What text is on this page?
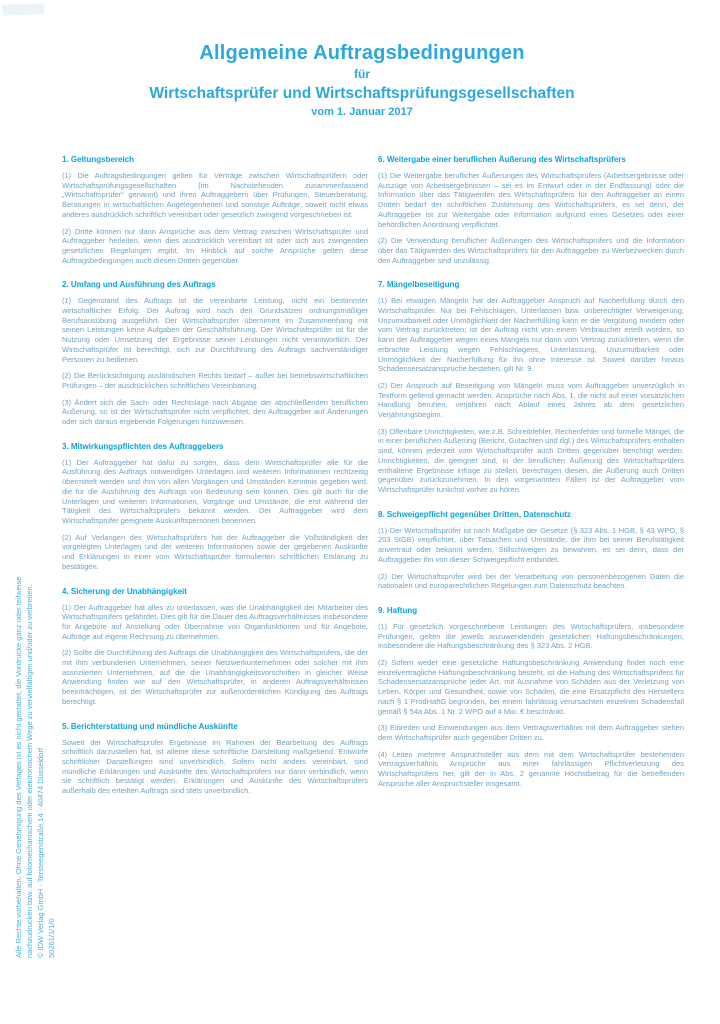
Allgemeine Auftragsbedingungen
für
Wirtschaftsprüfer und Wirtschaftsprüfungsgesellschaften
vom 1. Januar 2017
1. Geltungsbereich

(1) Die Auftragsbedingungen gelten für Verträge zwischen Wirtschaftsprüfern oder Wirtschaftsprüfungsgesellschaften (im Nachstehenden zusammenfassend „Wirtschaftsprüfer“ genannt) und ihren Auftraggebern über Prüfungen, Steuerberatung, Beratungen in wirtschaftlichen Angelegenheiten und sonstige Aufträge, soweit nicht etwas anderes ausdrücklich schriftlich vereinbart oder gesetzlich zwingend vorgeschrieben ist.

(2) Dritte können nur dann Ansprüche aus dem Vertrag zwischen Wirtschaftsprüfer und Auftraggeber herleiten, wenn dies ausdrücklich vereinbart ist oder sich aus zwingenden gesetzlichen Regelungen ergibt. Im Hinblick auf solche Ansprüche gelten diese Auftragsbedingungen auch diesen Dritten gegenüber.

2. Umfang und Ausführung des Auftrags

(1) Gegenstand des Auftrags ist die vereinbarte Leistung, nicht ein bestimmter wirtschaftlicher Erfolg. Der Auftrag wird nach den Grundsätzen ordnungsmäßiger Berufsausübung ausgeführt. Der Wirtschaftsprüfer übernimmt im Zusammenhang mit seinen Leistungen keine Aufgaben der Geschäftsführung. Der Wirtschaftsprüfer ist für die Nutzung oder Umsetzung der Ergebnisse seiner Leistungen nicht verantwortlich. Der Wirtschaftsprüfer ist berechtigt, sich zur Durchführung des Auftrags sachverständiger Personen zu bedienen.

(2) Die Berücksichtigung ausländischen Rechts bedarf – außer bei betriebswirtschaftlichen Prüfungen – der ausdrücklichen schriftlichen Vereinbarung.

(3) Ändert sich die Sach- oder Rechtslage nach Abgabe der abschließenden beruflichen Äußerung, so ist der Wirtschaftsprüfer nicht verpflichtet, den Auftraggeber auf Änderungen oder sich daraus ergebende Folgerungen hinzuweisen.

3. Mitwirkungspflichten des Auftraggebers

(1) Der Auftraggeber hat dafür zu sorgen, dass dem Wirtschaftsprüfer alle für die Ausführung des Auftrags notwendigen Unterlagen und weiteren Informationen rechtzeitig übermittelt werden und ihm von allen Vorgängen und Umständen Kenntnis gegeben wird, die für die Ausführung des Auftrags von Bedeutung sein können. Dies gilt auch für die Unterlagen und weiteren Informationen, Vorgänge und Umstände, die erst während der Tätigkeit des Wirtschaftsprüfers bekannt werden. Der Auftraggeber wird dem Wirtschaftsprüfer geeignete Auskunftspersonen benennen.

(2) Auf Verlangen des Wirtschaftsprüfers hat der Auftraggeber die Vollständigkeit der vorgelegten Unterlagen und der weiteren Informationen sowie der gegebenen Auskünfte und Erklärungen in einer vom Wirtschaftsprüfer formulierten schriftlichen Erklärung zu bestätigen.

4. Sicherung der Unabhängigkeit

(1) Der Auftraggeber hat alles zu unterlassen, was die Unabhängigkeit der Mitarbeiter des Wirtschaftsprüfers gefährdet. Dies gilt für die Dauer des Auftragsverhältnisses insbesondere für Angebote auf Anstellung oder Übernahme von Organfunktionen und für Angebote, Aufträge auf eigene Rechnung zu übernehmen.

(2) Sollte die Durchführung des Auftrags die Unabhängigkeit des Wirtschaftsprüfers, die der mit ihm verbundenen Unternehmen, seiner Netzwerkunternehmen oder solcher mit ihm assoziierten Unternehmen, auf die die Unabhängigkeitsvorschriften in gleicher Weise Anwendung finden wie auf den Wirtschaftsprüfer, in anderen Auftragsverhältnissen beeinträchtigen, ist der Wirtschaftsprüfer zur außerordentlichen Kündigung des Auftrags berechtigt.

5. Berichterstattung und mündliche Auskünfte

Soweit der Wirtschaftsprüfer Ergebnisse im Rahmen der Bearbeitung des Auftrags schriftlich darzustellen hat, ist alleine diese schriftliche Darstellung maßgebend. Entwürfe schriftlicher Darstellungen sind unverbindlich. Sofern nicht anders vereinbart, sind mündliche Erklärungen und Auskünfte des Wirtschaftsprüfers nur dann verbindlich, wenn sie schriftlich bestätigt werden. Erklärungen und Auskünfte des Wirtschaftsprüfers außerhalb des erteilten Auftrags sind stets unverbindlich.

6. Weitergabe einer beruflichen Äußerung des Wirtschaftsprüfers

(1) Die Weitergabe beruflicher Äußerungen des Wirtschaftsprüfers (Arbeitsergebnisse oder Auszüge von Arbeitsergebnissen – sei es im Entwurf oder in der Endfassung) oder die Information über das Tätigwerden des Wirtschaftsprüfers für den Auftraggeber an einen Dritten bedarf der schriftlichen Zustimmung des Wirtschaftsprüfers, es sei denn, der Auftraggeber ist zur Weitergabe oder Information aufgrund eines Gesetzes oder einer behördlichen Anordnung verpflichtet.

(2) Die Verwendung beruflicher Äußerungen des Wirtschaftsprüfers und die Information über das Tätigwerden des Wirtschaftsprüfers für den Auftraggeber zu Werbezwecken durch den Auftraggeber sind unzulässig.

7. Mängelbeseitigung

(1) Bei etwaigen Mängeln hat der Auftraggeber Anspruch auf Nacherfüllung durch den Wirtschaftsprüfer. Nur bei Fehlschlagen, Unterlassen bzw. unberechtigter Verweigerung, Unzumutbarkeit oder Unmöglichkeit der Nacherfüllung kann er die Vergütung mindern oder vom Vertrag zurücktreten; ist der Auftrag nicht von einem Verbraucher erteilt worden, so kann der Auftraggeber wegen eines Mangels nur dann vom Vertrag zurücktreten, wenn die erbrachte Leistung wegen Fehlschlagens, Unterlassung, Unzumutbarkeit oder Unmöglichkeit der Nacherfüllung für ihn ohne Interesse ist. Soweit darüber hinaus Schadensersatzansprüche bestehen, gilt Nr. 9.

(2) Der Anspruch auf Beseitigung von Mängeln muss vom Auftraggeber unverzüglich in Textform geltend gemacht werden. Ansprüche nach Abs. 1, die nicht auf einer vorsätzlichen Handlung beruhen, verjähren nach Ablauf eines Jahres ab dem gesetzlichen Verjährungsbeginn.

(3) Offenbare Unrichtigkeiten, wie z.B. Schreibfehler, Rechenfehler und formelle Mängel, die in einer beruflichen Äußerung (Bericht, Gutachten und dgl.) des Wirtschaftsprüfers enthalten sind, können jederzeit vom Wirtschaftsprüfer auch Dritten gegenüber berichtigt werden. Unrichtigkeiten, die geeignet sind, in der beruflichen Äußerung des Wirtschaftsprüfers enthaltene Ergebnisse infrage zu stellen, berechtigen diesen, die Äußerung auch Dritten gegenüber zurückzunehmen. In den vorgenannten Fällen ist der Auftraggeber vom Wirtschaftsprüfer tunlichst vorher zu hören.

8. Schweigepflicht gegenüber Dritten, Datenschutz

(1) Der Wirtschaftsprüfer ist nach Maßgabe der Gesetze (§ 323 Abs. 1 HGB, § 43 WPO, § 203 StGB) verpflichtet, über Tatsachen und Umstände, die ihm bei seiner Berufstätigkeit anvertraut oder bekannt werden, Stillschweigen zu bewahren, es sei denn, dass der Auftraggeber ihn von dieser Schweigepflicht entbindet.

(2) Der Wirtschaftsprüfer wird bei der Verarbeitung von personenbezogenen Daten die nationalen und europarechtlichen Regelungen zum Datenschutz beachten.

9. Haftung

(1) Für gesetzlich vorgeschriebene Leistungen des Wirtschaftsprüfers, insbesondere Prüfungen, gelten die jeweils anzuwendenden gesetzlichen Haftungsbeschränkungen, insbesondere die Haftungsbeschränkung des § 323 Abs. 2 HGB.

(2) Sofern weder eine gesetzliche Haftungsbeschränkung Anwendung findet noch eine einzelvertragliche Haftungsbeschränkung besteht, ist die Haftung des Wirtschaftsprüfers für Schadensersatzansprüche jeder Art, mit Ausnahme von Schäden aus der Verletzung von Leben, Körper und Gesundheit, sowie von Schäden, die eine Ersatzpflicht des Herstellers nach § 1 ProdHaftG begründen, bei einem fahrlässig verursachten einzelnen Schadensfall gemäß § 54a Abs. 1 Nr. 2 WPO auf 4 Mio. € beschränkt.

(3) Einreden und Einwendungen aus dem Vertragsverhältnis mit dem Auftraggeber stehen dem Wirtschaftsprüfer auch gegenüber Dritten zu.

(4) Leiten mehrere Anspruchsteller aus dem mit dem Wirtschaftsprüfer bestehenden Vertragsverhältnis Ansprüche aus einer fahrlässigen Pflichtverletzung des Wirtschaftsprüfers her, gilt der in Abs. 2 genannte Höchstbetrag für die betreffenden Ansprüche aller Anspruchsteller insgesamt.

Alle Rechte vorbehalten. Ohne Genehmigung des Verlages ist es nicht gestattet, die Vordrucke ganz oder teilweise nachzudrucken bzw. auf fotomechanischem oder elektronischem Wege zu vervielfältigen und/oder zu verbreiten. © IDW Verlag GmbH · Tersteegenstraße 14 · 40474 Düsseldorf 50261/1/1/0
